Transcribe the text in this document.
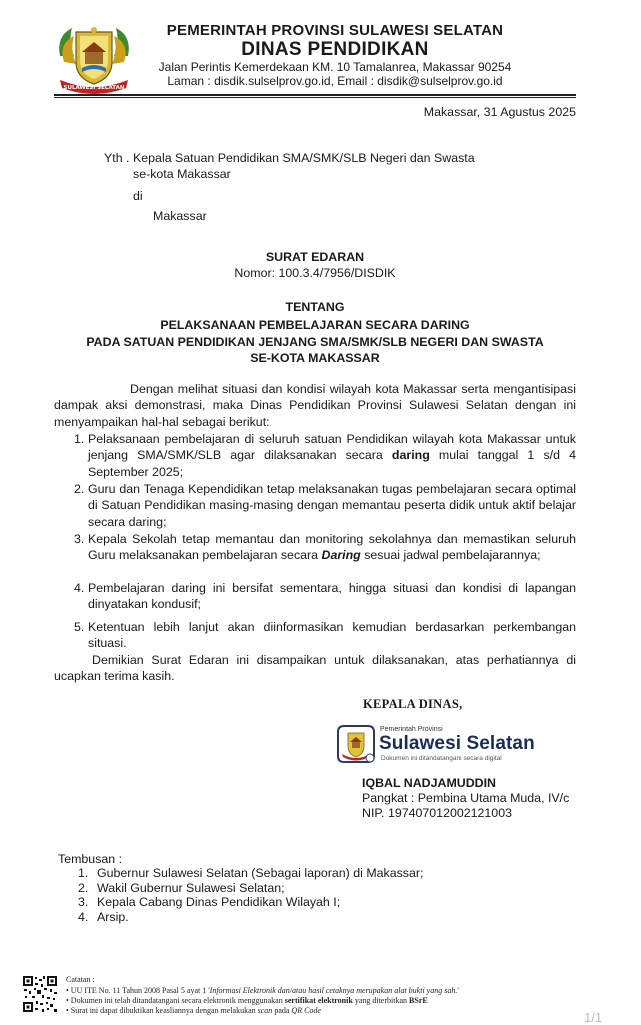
SULAWESI SELATAN
PEMERINTAH PROVINSI SULAWESI SELATAN
DINAS PENDIDIKAN
Jalan Perintis Kemerdekaan KM. 10 Tamalanrea, Makassar 90254
Laman : disdik.sulselprov.go.id, Email : disdik@sulselprov.go.id
Makassar, 31 Agustus 2025
Yth . Kepala Satuan Pendidikan SMA/SMK/SLB Negeri dan Swasta
se-kota Makassar
di
Makassar
SURAT EDARAN
Nomor: 100.3.4/7956/DISDIK
TENTANG
PELAKSANAAN PEMBELAJARAN SECARA DARING
PADA SATUAN PENDIDIKAN JENJANG SMA/SMK/SLB NEGERI DAN SWASTA
SE-KOTA MAKASSAR
Dengan melihat situasi dan kondisi wilayah kota Makassar serta mengantisipasi dampak aksi demonstrasi, maka Dinas Pendidikan Provinsi Sulawesi Selatan dengan ini menyampaikan hal-hal sebagai berikut:
1. Pelaksanaan pembelajaran di seluruh satuan Pendidikan wilayah kota Makassar untuk jenjang SMA/SMK/SLB agar dilaksanakan secara daring mulai tanggal 1 s/d 4 September 2025;
2. Guru dan Tenaga Kependidikan tetap melaksanakan tugas pembelajaran secara optimal di Satuan Pendidikan masing-masing dengan memantau peserta didik untuk aktif belajar secara daring;
3. Kepala Sekolah tetap memantau dan monitoring sekolahnya dan memastikan seluruh Guru melaksanakan pembelajaran secara Daring sesuai jadwal pembelajarannya;
4. Pembelajaran daring ini bersifat sementara, hingga situasi dan kondisi di lapangan dinyatakan kondusif;
5. Ketentuan lebih lanjut akan diinformasikan kemudian berdasarkan perkembangan situasi.
Demikian Surat Edaran ini disampaikan untuk dilaksanakan, atas perhatiannya di ucapkan terima kasih.
KEPALA DINAS,
Pemerintah Provinsi
Sulawesi Selatan
Dokumen ini ditandatangani secara digital
IQBAL NADJAMUDDIN
Pangkat : Pembina Utama Muda, IV/c
NIP. 197407012002121003
Tembusan :
1. Gubernur Sulawesi Selatan (Sebagai laporan) di Makassar;
2. Wakil Gubernur Sulawesi Selatan;
3. Kepala Cabang Dinas Pendidikan Wilayah I;
4. Arsip.
Catatan :
• UU ITE No. 11 Tahun 2008 Pasal 5 ayat 1 'Informasi Elektronik dan/atau hasil cetaknya merupakan alat bukti yang sah.'
• Dokumen ini telah ditandatangani secara elektronik menggunakan sertifikat elektronik yang diterbitkan BSrE
• Surat ini dapat dibuktikan keasliannya dengan melakukan scan pada QR Code	1/1
